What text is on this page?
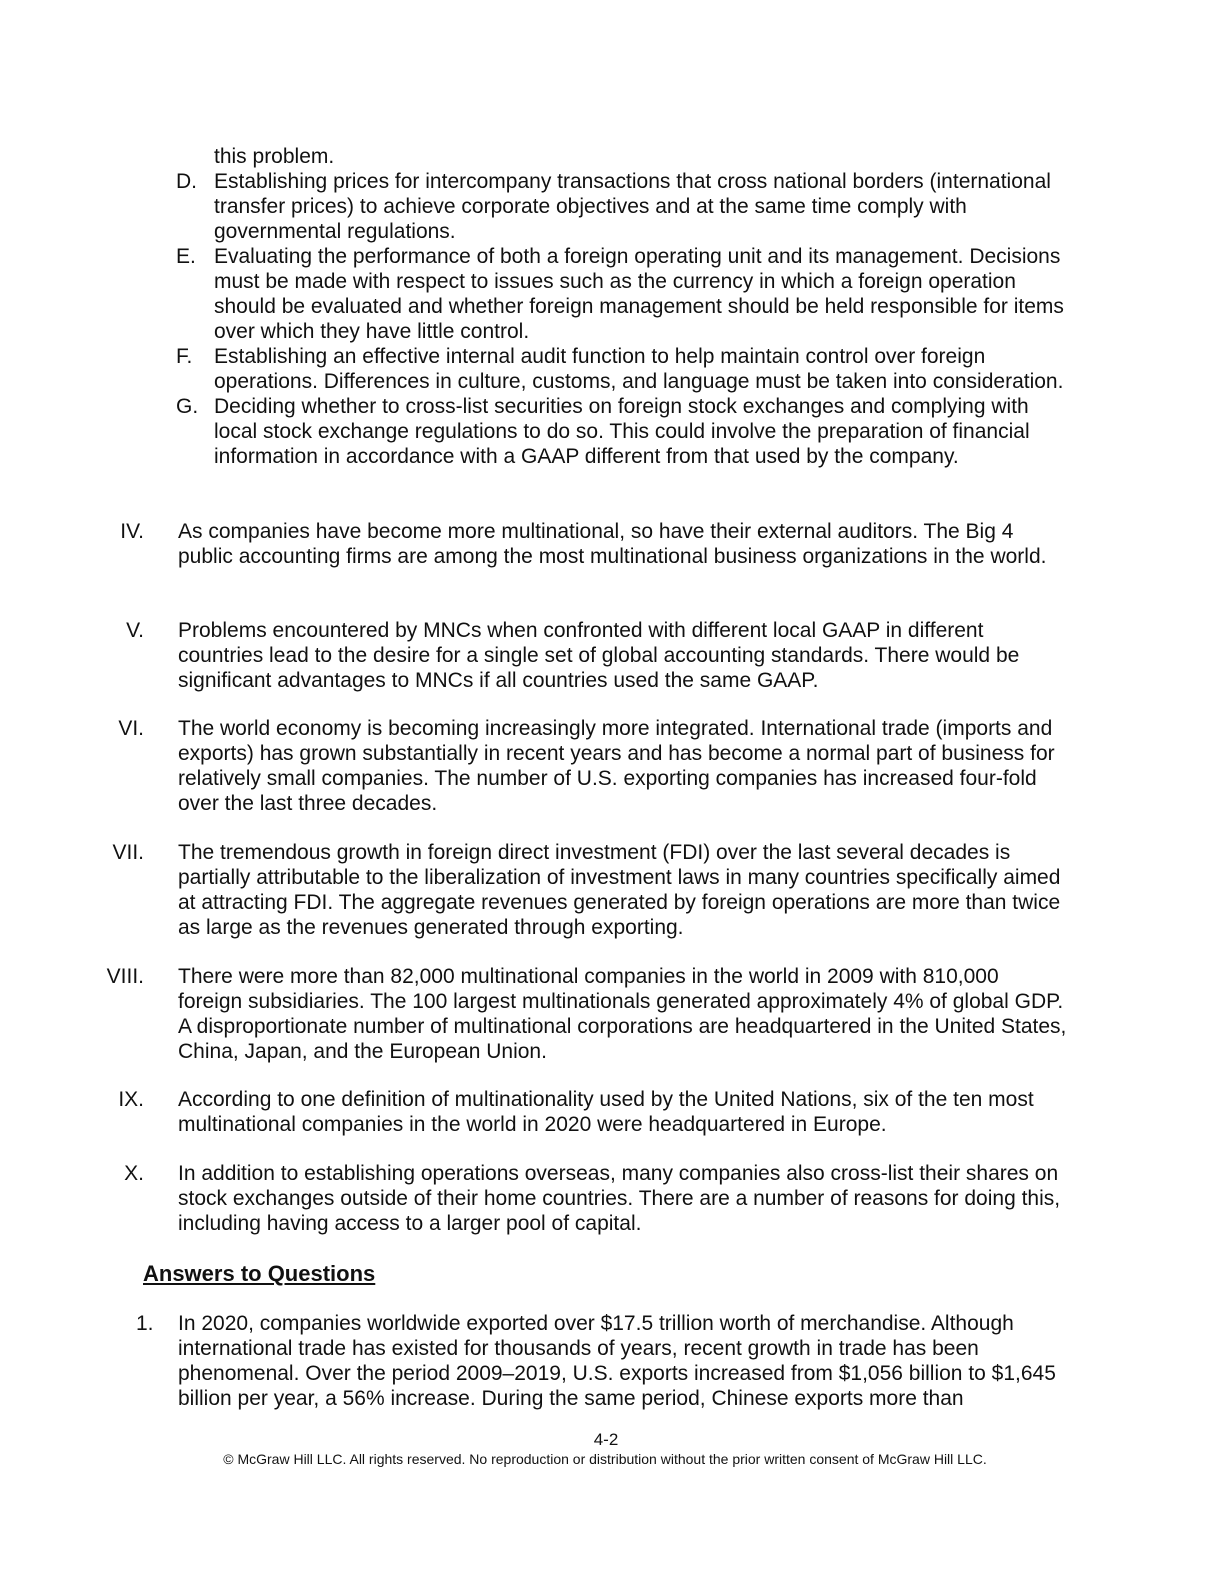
this problem.
D. Establishing prices for intercompany transactions that cross national borders (international transfer prices) to achieve corporate objectives and at the same time comply with governmental regulations.
E. Evaluating the performance of both a foreign operating unit and its management. Decisions must be made with respect to issues such as the currency in which a foreign operation should be evaluated and whether foreign management should be held responsible for items over which they have little control.
F.	Establishing an effective internal audit function to help maintain control over foreign operations. Differences in culture, customs, and language must be taken into consideration.
G. Deciding whether to cross-list securities on foreign stock exchanges and complying with local stock exchange regulations to do so. This could involve the preparation of financial information in accordance with a GAAP different from that used by the company.
IV.	As companies have become more multinational, so have their external auditors. The Big 4 public accounting firms are among the most multinational business organizations in the world.
V.	Problems encountered by MNCs when confronted with different local GAAP in different countries lead to the desire for a single set of global accounting standards. There would be significant advantages to MNCs if all countries used the same GAAP.
VI.	The world economy is becoming increasingly more integrated. International trade (imports and exports) has grown substantially in recent years and has become a normal part of business for relatively small companies. The number of U.S. exporting companies has increased four-fold over the last three decades.
VII.	The tremendous growth in foreign direct investment (FDI) over the last several decades is partially attributable to the liberalization of investment laws in many countries specifically aimed at attracting FDI. The aggregate revenues generated by foreign operations are more than twice as large as the revenues generated through exporting.
VIII.	There were more than 82,000 multinational companies in the world in 2009 with 810,000 foreign subsidiaries. The 100 largest multinationals generated approximately 4% of global GDP. A disproportionate number of multinational corporations are headquartered in the United States, China, Japan, and the European Union.
IX.	According to one definition of multinationality used by the United Nations, six of the ten most multinational companies in the world in 2020 were headquartered in Europe.
X.	In addition to establishing operations overseas, many companies also cross-list their shares on stock exchanges outside of their home countries. There are a number of reasons for doing this, including having access to a larger pool of capital.
Answers to Questions
1.	In 2020, companies worldwide exported over $17.5 trillion worth of merchandise. Although international trade has existed for thousands of years, recent growth in trade has been phenomenal. Over the period 2009–2019, U.S. exports increased from $1,056 billion to $1,645 billion per year, a 56% increase. During the same period, Chinese exports more than
4-2
© McGraw Hill LLC. All rights reserved. No reproduction or distribution without the prior written consent of McGraw Hill LLC.
